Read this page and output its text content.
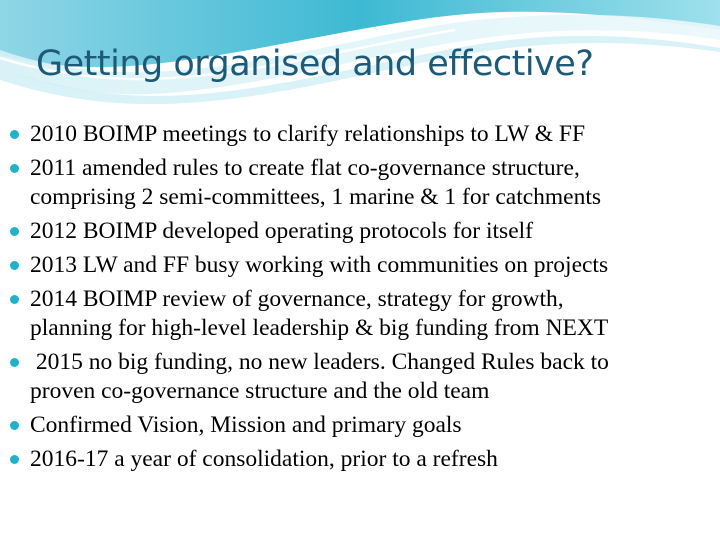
Getting organised and effective?
2010 BOIMP meetings to clarify relationships to LW & FF
2011 amended rules to create flat co-governance structure,
comprising 2 semi-committees, 1 marine & 1 for catchments
2012 BOIMP developed operating protocols for itself
2013 LW and FF busy working with communities on projects
2014 BOIMP review of governance, strategy for growth,
planning for high-level leadership & big funding from NEXT
2015 no big funding, no new leaders. Changed Rules back to
proven co-governance structure and the old team
Confirmed Vision, Mission and primary goals
2016-17 a year of consolidation, prior to a refresh
